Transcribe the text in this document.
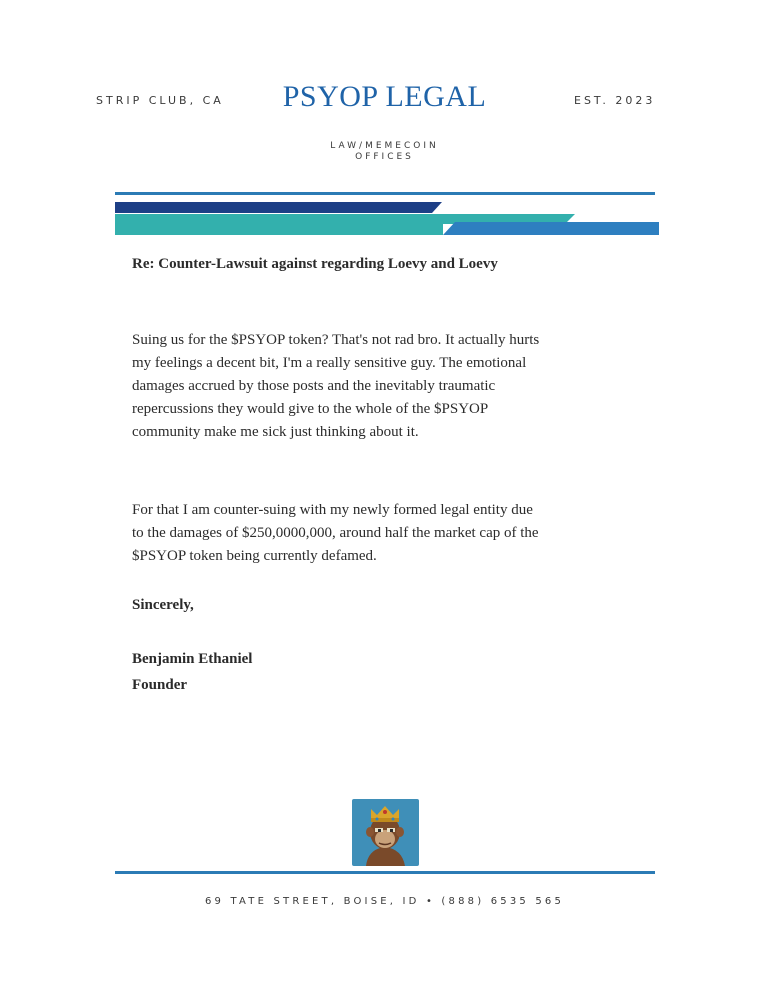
STRIP CLUB, CA	PSYOP LEGAL	EST. 2023
LAW/MEMECOIN
OFFICES
Re: Counter-Lawsuit against regarding Loevy and Loevy

Suing us for the $PSYOP token? That's not rad bro. It actually hurts
my feelings a decent bit, I'm a really sensitive guy. The emotional
damages accrued by those posts and the inevitably traumatic
repercussions they would give to the whole of the $PSYOP
community make me sick just thinking about it.

For that I am counter-suing with my newly formed legal entity due
to the damages of $250,0000,000, around half the market cap of the
$PSYOP token being currently defamed.

Sincerely,
Benjamin Ethaniel
Founder
69 TATE STREET, BOISE, ID • (888) 6535 565
